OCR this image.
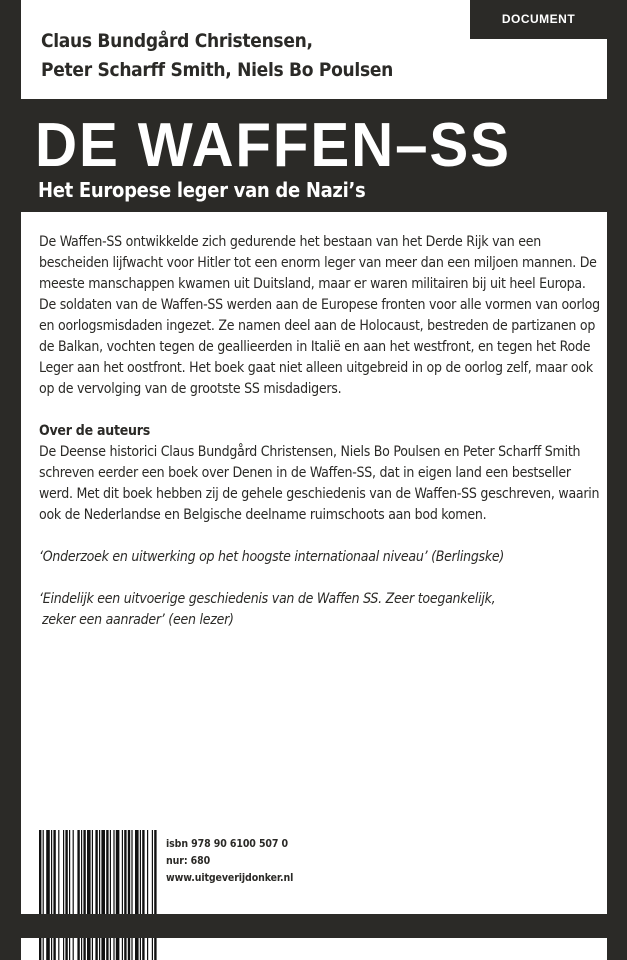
Claus Bundgård Christensen,
Peter Scharff Smith, Niels Bo Poulsen
DOCUMENT
DE WAFFEN–SS
Het Europese leger van de Nazi’s

De Waffen-SS ontwikkelde zich gedurende het bestaan van het Derde Rijk van een bescheiden lijfwacht voor Hitler tot een enorm leger van meer dan een miljoen mannen. De meeste manschappen kwamen uit Duitsland, maar er waren militairen bij uit heel Europa.

De soldaten van de Waffen-SS werden aan de Europese fronten voor alle vormen van oorlog en oorlogsmisdaden ingezet. Ze namen deel aan de Holocaust, bestreden de partizanen op de Balkan, vochten tegen de geallieerden in Italië en aan het westfront, en tegen het Rode Leger aan het oostfront. Het boek gaat niet alleen uitgebreid in op de oorlog zelf, maar ook op de vervolging van de grootste SS misdadigers.

Over de auteurs

De Deense historici Claus Bundgård Christensen, Niels Bo Poulsen en Peter Scharff Smith schreven eerder een boek over Denen in de Waffen-SS, dat in eigen land een bestseller werd. Met dit boek hebben zij de gehele geschiedenis van de Waffen-SS geschreven, waarin ook de Nederlandse en Belgische deelname ruimschoots aan bod komen.

‘Onderzoek en uitwerking op het hoogste internationaal niveau’ (Berlingske)

‘Eindelijk een uitvoerige geschiedenis van de Waffen SS. Zeer toegankelijk,

zeker een aanrader’ (een lezer)

isbn 978 90 6100 507 0
nur: 680
www.uitgeverijdonker.nl
